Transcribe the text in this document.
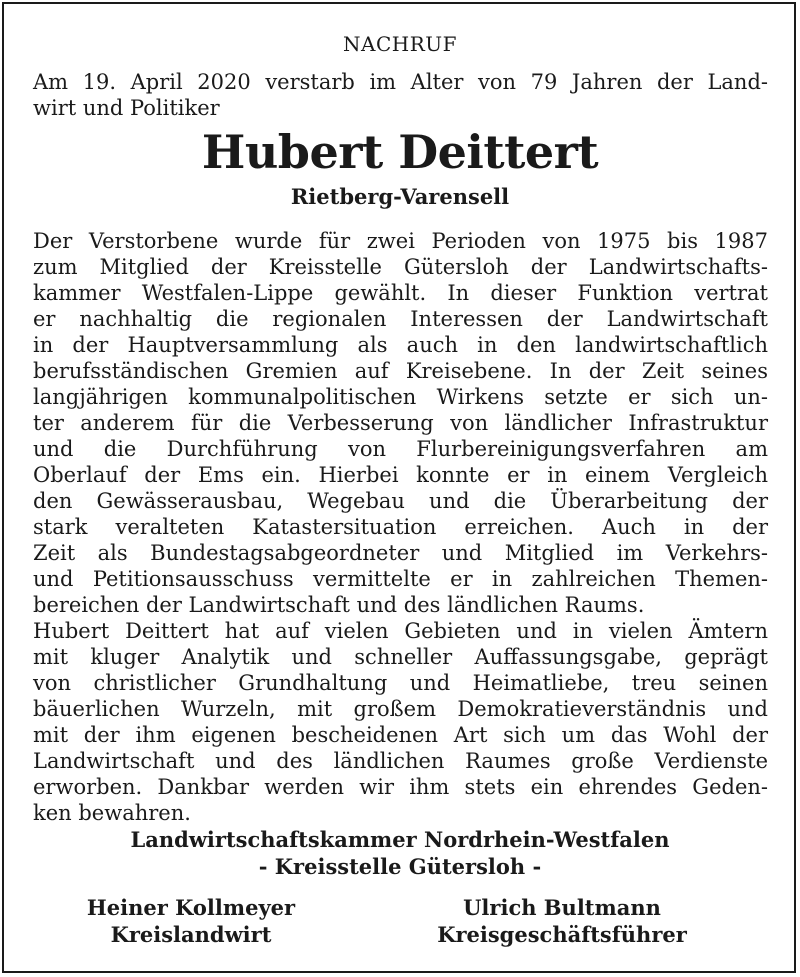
NACHRUF
Am 19. April 2020 verstarb im Alter von 79 Jahren der Land-
wirt und Politiker
Hubert Deittert
Rietberg-Varensell
Der Verstorbene wurde für zwei Perioden von 1975 bis 1987
zum Mitglied der Kreisstelle Gütersloh der Landwirtschafts-
kammer Westfalen-Lippe gewählt. In dieser Funktion vertrat
er nachhaltig die regionalen Interessen der Landwirtschaft
in der Hauptversammlung als auch in den landwirtschaftlich
berufsständischen Gremien auf Kreisebene. In der Zeit seines
langjährigen kommunalpolitischen Wirkens setzte er sich un-
ter anderem für die Verbesserung von ländlicher Infrastruktur
und die Durchführung von Flurbereinigungsverfahren am
Oberlauf der Ems ein. Hierbei konnte er in einem Vergleich
den Gewässerausbau, Wegebau und die Überarbeitung der
stark veralteten Katastersituation erreichen. Auch in der
Zeit als Bundestagsabgeordneter und Mitglied im Verkehrs-
und Petitionsausschuss vermittelte er in zahlreichen Themen-
bereichen der Landwirtschaft und des ländlichen Raums.
Hubert Deittert hat auf vielen Gebieten und in vielen Ämtern
mit kluger Analytik und schneller Auffassungsgabe, geprägt
von christlicher Grundhaltung und Heimatliebe, treu seinen
bäuerlichen Wurzeln, mit großem Demokratieverständnis und
mit der ihm eigenen bescheidenen Art sich um das Wohl der
Landwirtschaft und des ländlichen Raumes große Verdienste
erworben. Dankbar werden wir ihm stets ein ehrendes Geden-
ken bewahren.
Landwirtschaftskammer Nordrhein-Westfalen
- Kreisstelle Gütersloh -
Heiner Kollmeyer
Kreislandwirt
Ulrich Bultmann
Kreisgeschäftsführer
